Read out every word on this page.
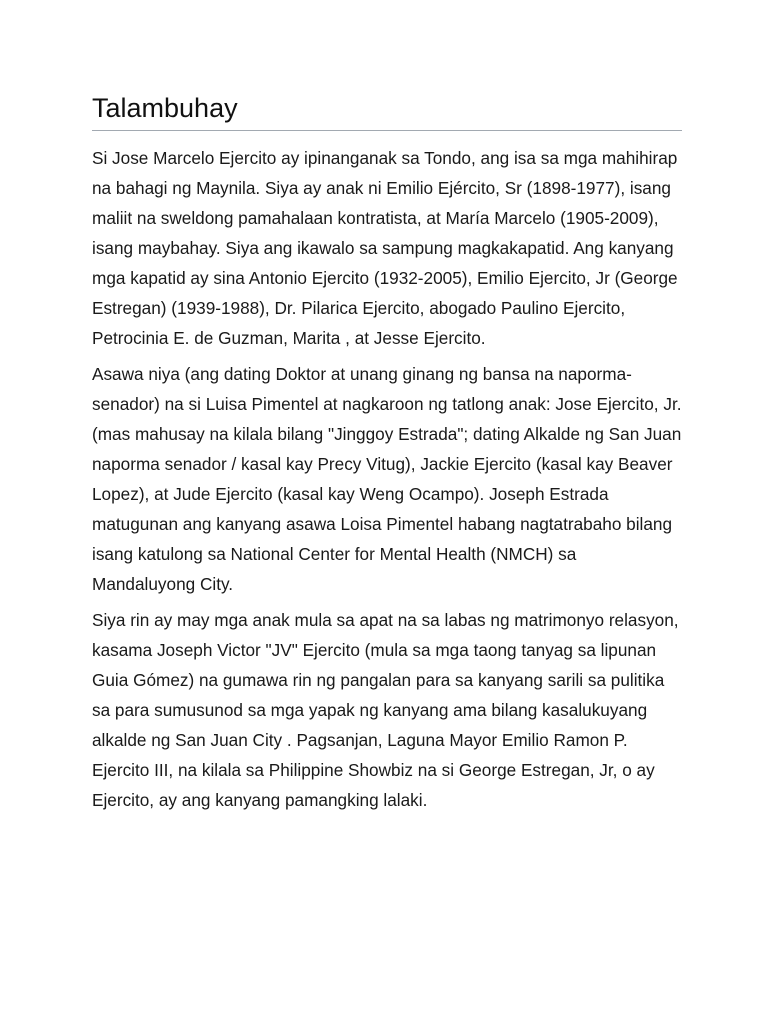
Talambuhay

Si Jose Marcelo Ejercito ay ipinanganak sa Tondo, ang isa sa mga mahihirap na bahagi ng Maynila. Siya ay anak ni Emilio Ejército, Sr (1898-1977), isang maliit na sweldong pamahalaan kontratista, at María Marcelo (1905-2009), isang maybahay. Siya ang ikawalo sa sampung magkakapatid. Ang kanyang mga kapatid ay sina Antonio Ejercito (1932-2005), Emilio Ejercito, Jr (George Estregan) (1939-1988), Dr. Pilarica Ejercito, abogado Paulino Ejercito, Petrocinia E. de Guzman, Marita , at Jesse Ejercito.

Asawa niya (ang dating Doktor at unang ginang ng bansa na naporma-senador) na si Luisa Pimentel at nagkaroon ng tatlong anak: Jose Ejercito, Jr. (mas mahusay na kilala bilang "Jinggoy Estrada"; dating Alkalde ng San Juan naporma senador / kasal kay Precy Vitug), Jackie Ejercito (kasal kay Beaver Lopez), at Jude Ejercito (kasal kay Weng Ocampo). Joseph Estrada matugunan ang kanyang asawa Loisa Pimentel habang nagtatrabaho bilang isang katulong sa National Center for Mental Health (NMCH) sa Mandaluyong City.

Siya rin ay may mga anak mula sa apat na sa labas ng matrimonyo relasyon, kasama Joseph Victor "JV" Ejercito (mula sa mga taong tanyag sa lipunan Guia Gómez) na gumawa rin ng pangalan para sa kanyang sarili sa pulitika sa para sumusunod sa mga yapak ng kanyang ama bilang kasalukuyang alkalde ng San Juan City . Pagsanjan, Laguna Mayor Emilio Ramon P. Ejercito III, na kilala sa Philippine Showbiz na si George Estregan, Jr, o ay Ejercito, ay ang kanyang pamangking lalaki.
